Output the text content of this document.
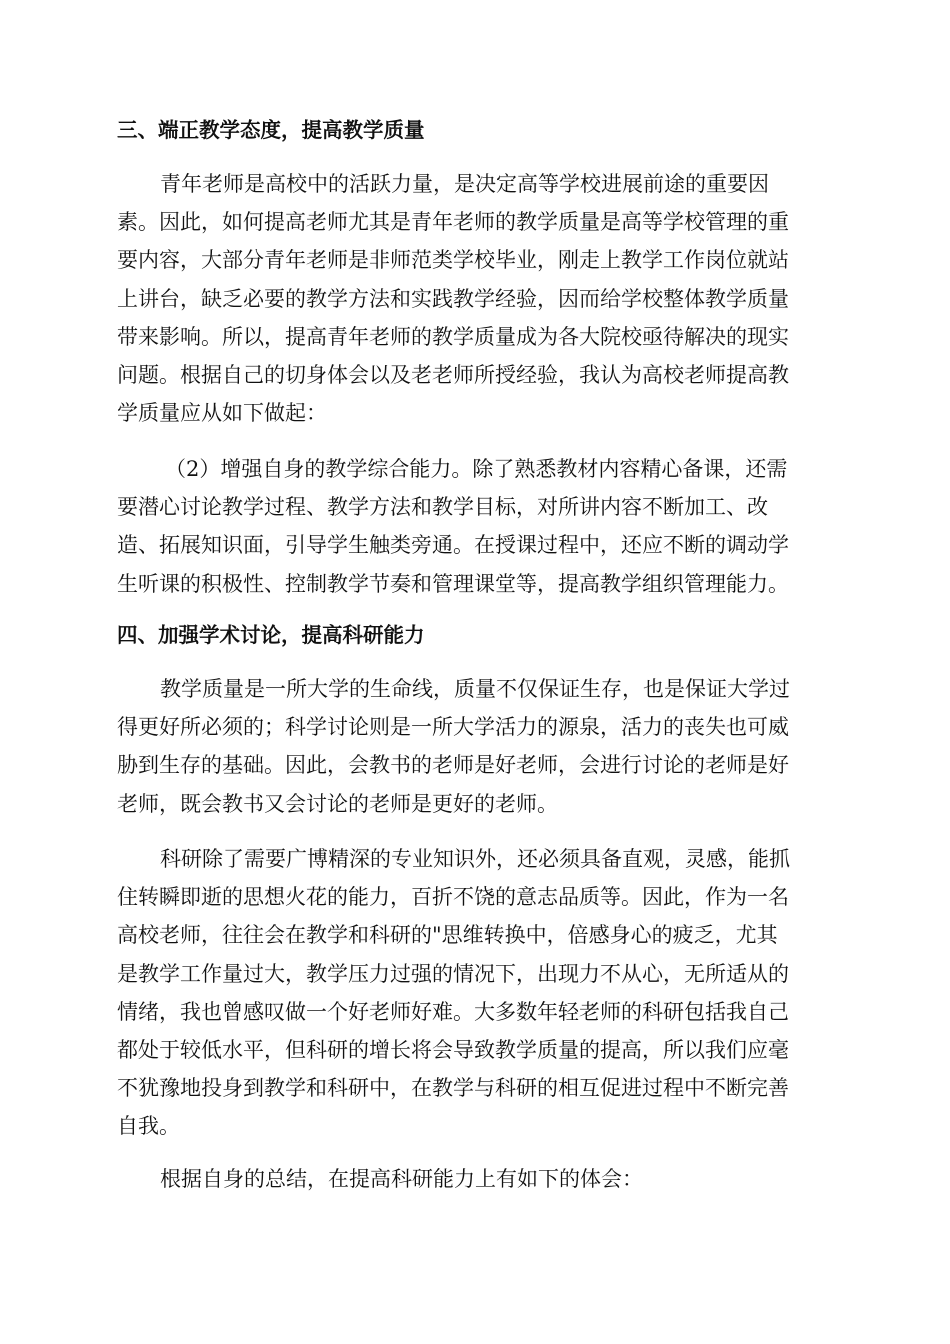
三、端正教学态度，提高教学质量
青年老师是高校中的活跃力量，是决定高等学校进展前途的重要因
素。因此，如何提高老师尤其是青年老师的教学质量是高等学校管理的重
要内容，大部分青年老师是非师范类学校毕业，刚走上教学工作岗位就站
上讲台，缺乏必要的教学方法和实践教学经验，因而给学校整体教学质量
带来影响。所以，提高青年老师的教学质量成为各大院校亟待解决的现实
问题。根据自己的切身体会以及老老师所授经验，我认为高校老师提高教
学质量应从如下做起：
（2）增强自身的教学综合能力。除了熟悉教材内容精心备课，还需
要潜心讨论教学过程、教学方法和教学目标，对所讲内容不断加工、改
造、拓展知识面，引导学生触类旁通。在授课过程中，还应不断的调动学
生听课的积极性、控制教学节奏和管理课堂等，提高教学组织管理能力。
四、加强学术讨论，提高科研能力
教学质量是一所大学的生命线，质量不仅保证生存，也是保证大学过
得更好所必须的；科学讨论则是一所大学活力的源泉，活力的丧失也可威
胁到生存的基础。因此，会教书的老师是好老师，会进行讨论的老师是好
老师，既会教书又会讨论的老师是更好的老师。
科研除了需要广博精深的专业知识外，还必须具备直观，灵感，能抓
住转瞬即逝的思想火花的能力，百折不饶的意志品质等。因此，作为一名
高校老师，往往会在教学和科研的"思维转换中，倍感身心的疲乏，尤其
是教学工作量过大，教学压力过强的情况下，出现力不从心，无所适从的
情绪，我也曾感叹做一个好老师好难。大多数年轻老师的科研包括我自己
都处于较低水平，但科研的增长将会导致教学质量的提高，所以我们应毫
不犹豫地投身到教学和科研中，在教学与科研的相互促进过程中不断完善
自我。
根据自身的总结，在提高科研能力上有如下的体会：
